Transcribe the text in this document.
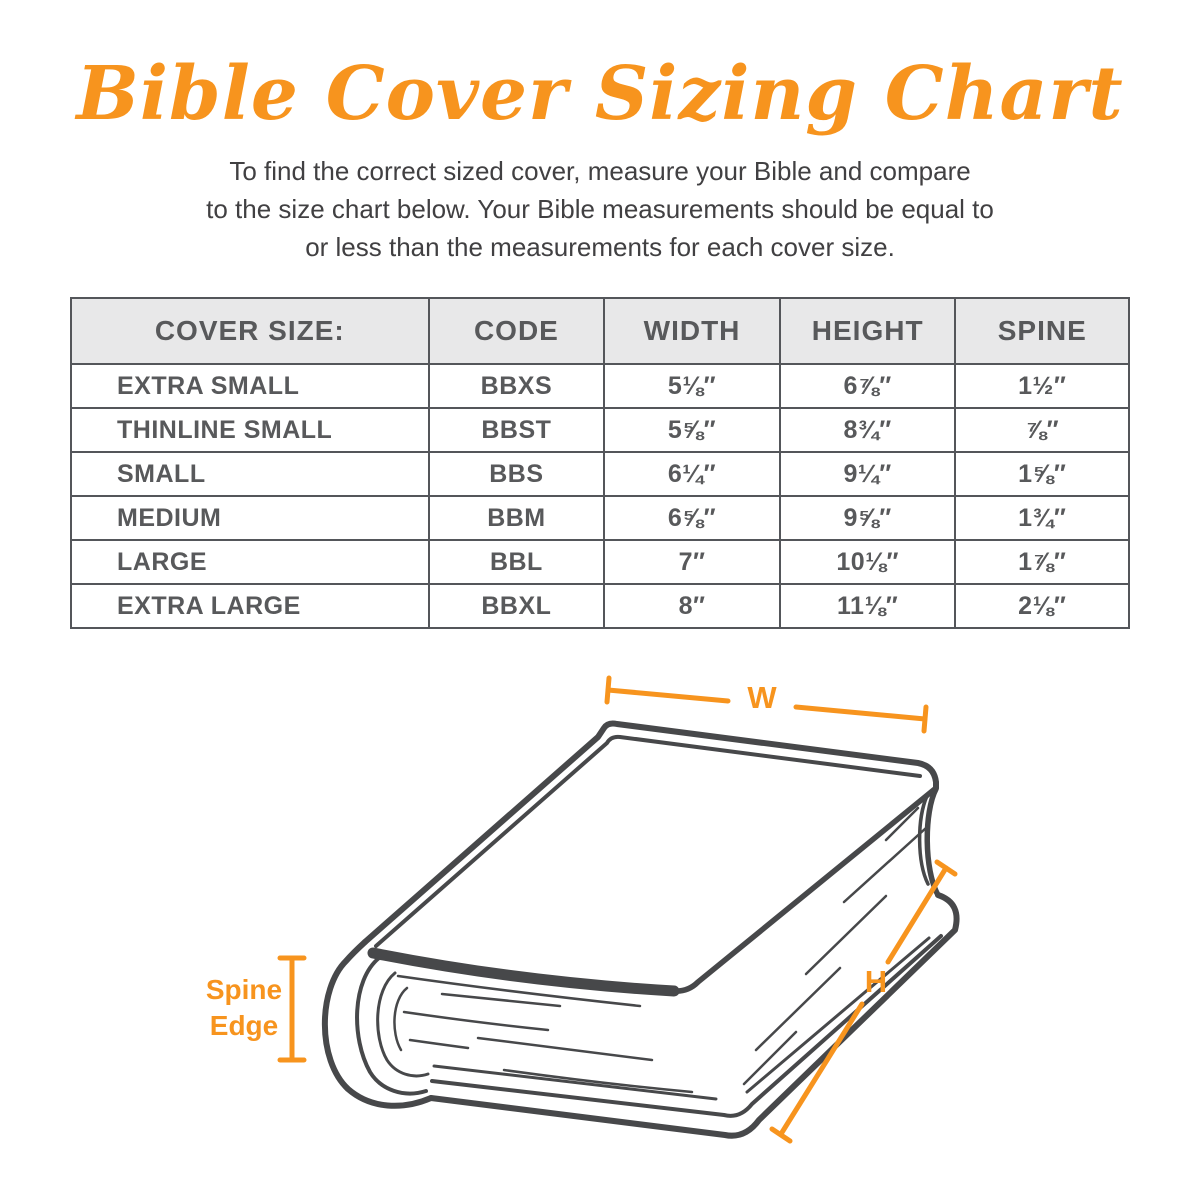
Bible Cover Sizing Chart
To find the correct sized cover, measure your Bible and compare
to the size chart below. Your Bible measurements should be equal to
or less than the measurements for each cover size.
COVER SIZE:	CODE	WIDTH	HEIGHT	SPINE
EXTRA SMALL	BBXS	5⅛″	6⅞″	1½″
THINLINE SMALL	BBST	5⅝″	8¾″	⅞″
SMALL	BBS	6¼″	9¼″	1⅝″
MEDIUM	BBM	6⅝″	9⅝″	1¾″
LARGE	BBL	7″	10⅛″	1⅞″
EXTRA LARGE	BBXL	8″	11⅛″	2⅛″
W
H
Spine Edge
